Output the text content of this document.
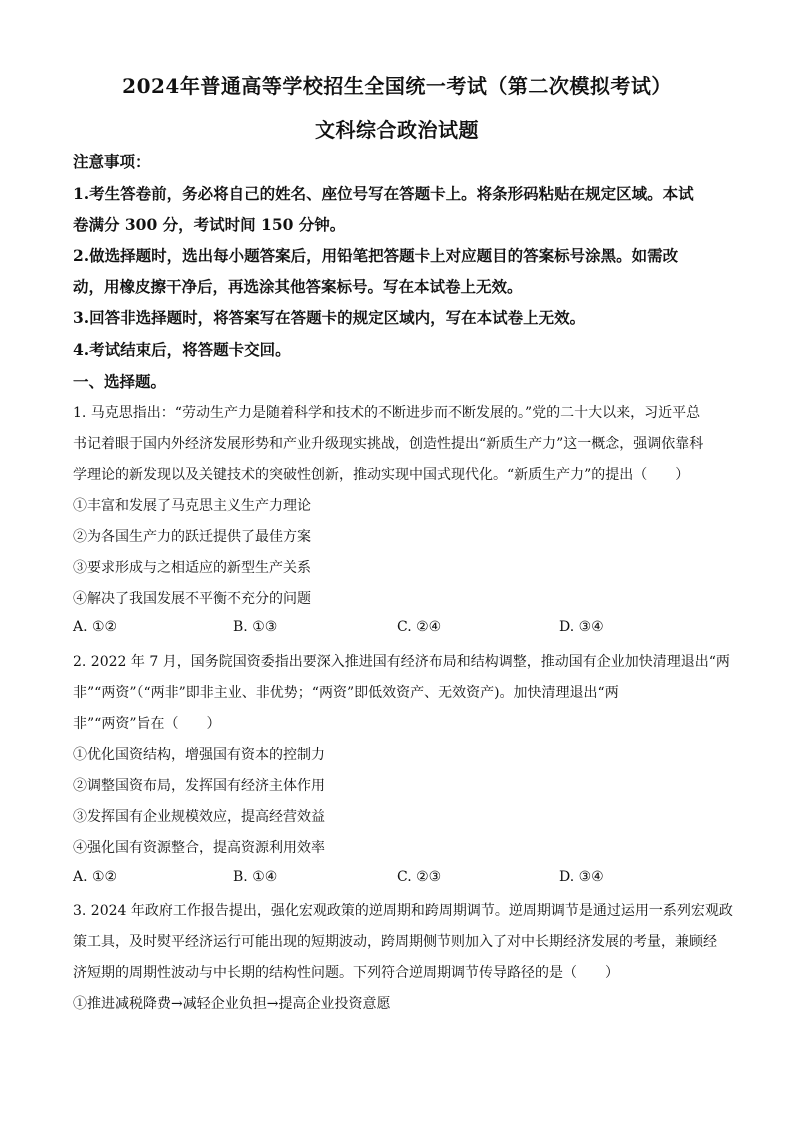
2024年普通高等学校招生全国统一考试（第二次模拟考试）
文科综合政治试题
注意事项：
1.考生答卷前，务必将自己的姓名、座位号写在答题卡上。将条形码粘贴在规定区域。本试
卷满分 300 分，考试时间 150 分钟。
2.做选择题时，选出每小题答案后，用铅笔把答题卡上对应题目的答案标号涂黑。如需改
动，用橡皮擦干净后，再选涂其他答案标号。写在本试卷上无效。
3.回答非选择题时，将答案写在答题卡的规定区域内，写在本试卷上无效。
4.考试结束后，将答题卡交回。
一、选择题。
1. 马克思指出：“劳动生产力是随着科学和技术的不断进步而不断发展的。”党的二十大以来，习近平总
书记着眼于国内外经济发展形势和产业升级现实挑战，创造性提出“新质生产力”这一概念，强调依靠科
学理论的新发现以及关键技术的突破性创新，推动实现中国式现代化。“新质生产力”的提出（　　）
①丰富和发展了马克思主义生产力理论
②为各国生产力的跃迁提供了最佳方案
③要求形成与之相适应的新型生产关系
④解决了我国发展不平衡不充分的问题
A. ①②	B. ①③	C. ②④	D. ③④
2. 2022 年 7 月，国务院国资委指出要深入推进国有经济布局和结构调整，推动国有企业加快清理退出“两
非”“两资”（“两非”即非主业、非优势；“两资”即低效资产、无效资产)。加快清理退出“两
非”“两资”旨在（　　）
①优化国资结构，增强国有资本的控制力
②调整国资布局，发挥国有经济主体作用
③发挥国有企业规模效应，提高经营效益
④强化国有资源整合，提高资源利用效率
A. ①②	B. ①④	C. ②③	D. ③④
3. 2024 年政府工作报告提出，强化宏观政策的逆周期和跨周期调节。逆周期调节是通过运用一系列宏观政
策工具，及时熨平经济运行可能出现的短期波动，跨周期侧节则加入了对中长期经济发展的考量，兼顾经
济短期的周期性波动与中长期的结构性问题。下列符合逆周期调节传导路径的是（　　）
①推进减税降费→减轻企业负担→提高企业投资意愿
